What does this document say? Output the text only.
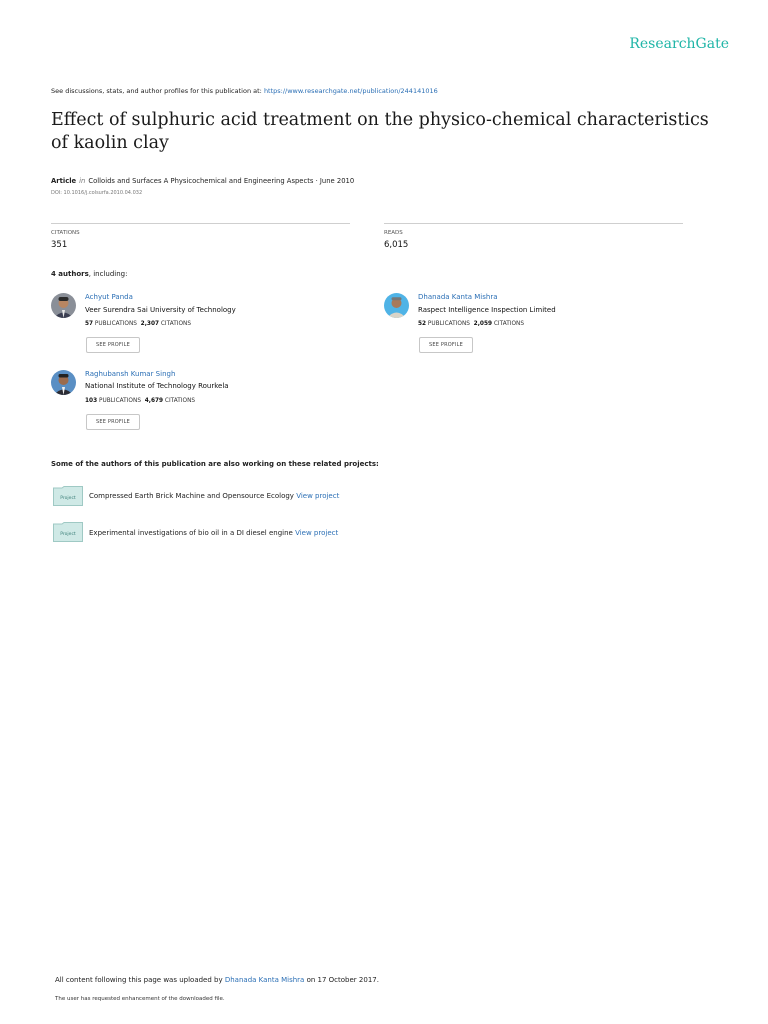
ResearchGate
See discussions, stats, and author profiles for this publication at: https://www.researchgate.net/publication/244141016
Effect of sulphuric acid treatment on the physico-chemical characteristics of kaolin clay
Article in Colloids and Surfaces A Physicochemical and Engineering Aspects · June 2010
DOI: 10.1016/j.colsurfa.2010.04.032
CITATIONS
351
READS
6,015
4 authors, including:
Achyut Panda
Veer Surendra Sai University of Technology
57 PUBLICATIONS 2,307 CITATIONS
SEE PROFILE
Dhanada Kanta Mishra
Raspect Intelligence Inspection Limited
52 PUBLICATIONS 2,059 CITATIONS
SEE PROFILE
Raghubansh Kumar Singh
National Institute of Technology Rourkela
103 PUBLICATIONS 4,679 CITATIONS
SEE PROFILE
Some of the authors of this publication are also working on these related projects:
Project Compressed Earth Brick Machine and Opensource Ecology View project
Project Experimental investigations of bio oil in a DI diesel engine View project
All content following this page was uploaded by Dhanada Kanta Mishra on 17 October 2017.
The user has requested enhancement of the downloaded file.
